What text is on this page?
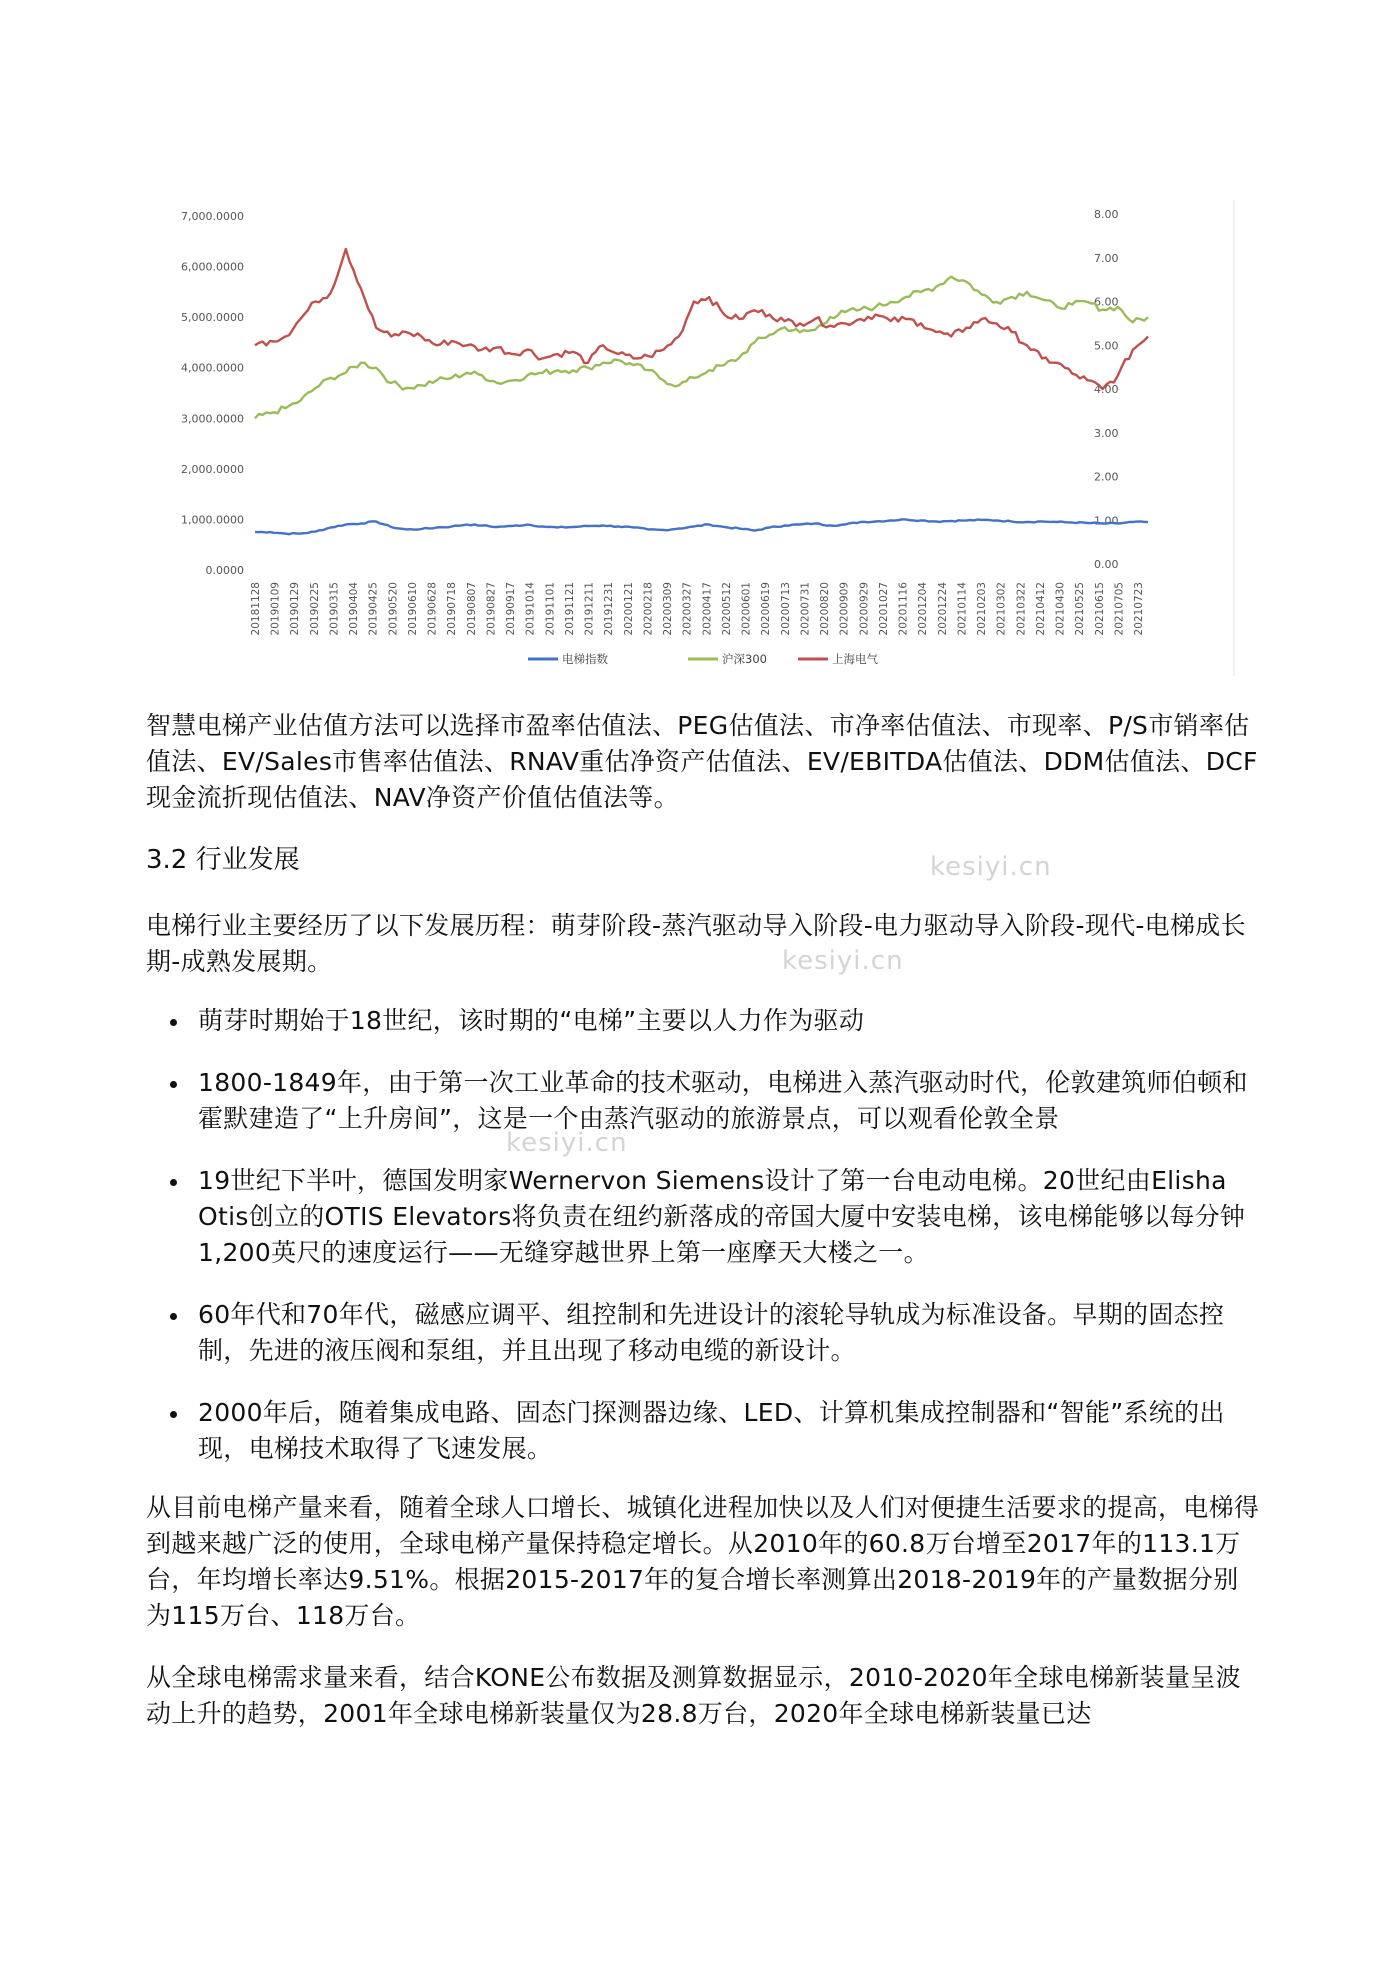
7,000.0000
6,000.0000
5,000.0000
4,000.0000
3,000.0000
2,000.0000
1,000.0000
0.0000
8.00
7.00
6.00
5.00
4.00
3.00
2.00
1.00
0.00
20181128 20190109 20190129 20190225 20190315 20190404 20190425 20190520 20190610 20190628 20190718 20190807 20190827 20190917 20191014 20191101 20191121 20191211 20191231 20200121 20200218 20200309 20200327 20200417 20200512 20200601 20200619 20200713 20200731 20200820 20200909 20200929 20201027 20201116 20201204 20201224 20210114 20210203 20210302 20210322 20210412 20210430 20210525 20210615 20210705 20210723
电梯指数	沪深300	上海电气

智慧电梯产业估值方法可以选择市盈率估值法、PEG估值法、市净率估值法、市现率、P/S市销率估值法、EV/Sales市售率估值法、RNAV重估净资产估值法、EV/EBITDA估值法、DDM估值法、DCF现金流折现估值法、NAV净资产价值估值法等。

3.2 行业发展

电梯行业主要经历了以下发展历程：萌芽阶段-蒸汽驱动导入阶段-电力驱动导入阶段-现代-电梯成长期-成熟发展期。

萌芽时期始于18世纪，该时期的“电梯”主要以人力作为驱动
1800-1849年，由于第一次工业革命的技术驱动，电梯进入蒸汽驱动时代，伦敦建筑师伯顿和霍默建造了“上升房间”，这是一个由蒸汽驱动的旅游景点，可以观看伦敦全景
19世纪下半叶，德国发明家Wernervon Siemens设计了第一台电动电梯。20世纪由Elisha Otis创立的OTIS Elevators将负责在纽约新落成的帝国大厦中安装电梯，该电梯能够以每分钟1,200英尺的速度运行——无缝穿越世界上第一座摩天大楼之一。
60年代和70年代，磁感应调平、组控制和先进设计的滚轮导轨成为标准设备。早期的固态控制，先进的液压阀和泵组，并且出现了移动电缆的新设计。
2000年后，随着集成电路、固态门探测器边缘、LED、计算机集成控制器和“智能”系统的出现，电梯技术取得了飞速发展。

从目前电梯产量来看，随着全球人口增长、城镇化进程加快以及人们对便捷生活要求的提高，电梯得到越来越广泛的使用，全球电梯产量保持稳定增长。从2010年的60.8万台增至2017年的113.1万台，年均增长率达9.51%。根据2015-2017年的复合增长率测算出2018-2019年的产量数据分别为115万台、118万台。

从全球电梯需求量来看，结合KONE公布数据及测算数据显示，2010-2020年全球电梯新装量呈波动上升的趋势，2001年全球电梯新装量仅为28.8万台，2020年全球电梯新装量已达

kesiyi.cn
kesiyi.cn
kesiyi.cn
